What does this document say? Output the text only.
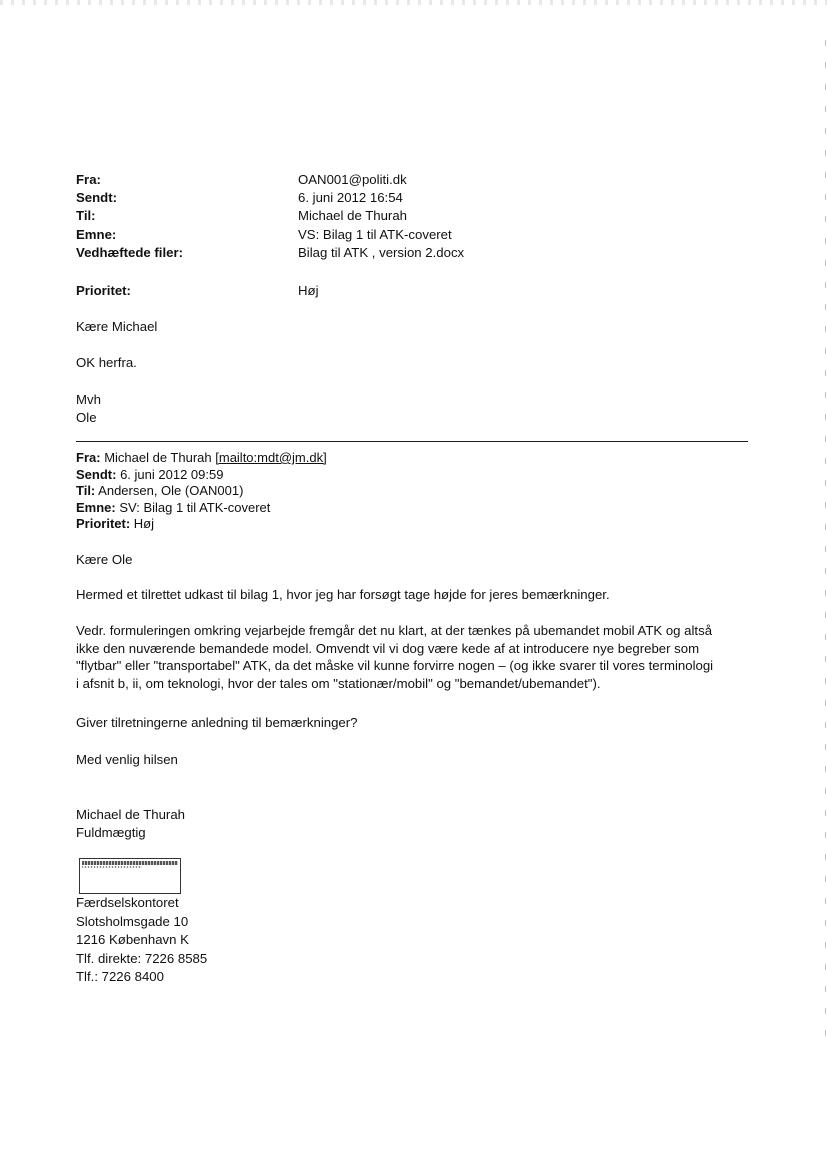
Fra:	OAN001@politi.dk
Sendt:	6. juni 2012 16:54
Til:	Michael de Thurah
Emne:	VS: Bilag 1 til ATK-coveret
Vedhæftede filer:	Bilag til ATK , version 2.docx
Prioritet:	Høj
Kære Michael
OK herfra.
Mvh
Ole
Fra: Michael de Thurah [mailto:mdt@jm.dk]
Sendt: 6. juni 2012 09:59
Til: Andersen, Ole (OAN001)
Emne: SV: Bilag 1 til ATK-coveret
Prioritet: Høj
Kære Ole
Hermed et tilrettet udkast til bilag 1, hvor jeg har forsøgt tage højde for jeres bemærkninger.
Vedr. formuleringen omkring vejarbejde fremgår det nu klart, at der tænkes på ubemandet mobil ATK og altså
ikke den nuværende bemandede model. Omvendt vil vi dog være kede af at introducere nye begreber som
"flytbar" eller "transportabel" ATK, da det måske vil kunne forvirre nogen – (og ikke svarer til vores terminologi
i afsnit b, ii, om teknologi, hvor der tales om "stationær/mobil" og "bemandet/ubemandet").
Giver tilretningerne anledning til bemærkninger?
Med venlig hilsen
Michael de Thurah
Fuldmægtig
Færdselskontoret
Slotsholmsgade 10
1216 København K
Tlf. direkte: 7226 8585
Tlf.: 7226 8400
